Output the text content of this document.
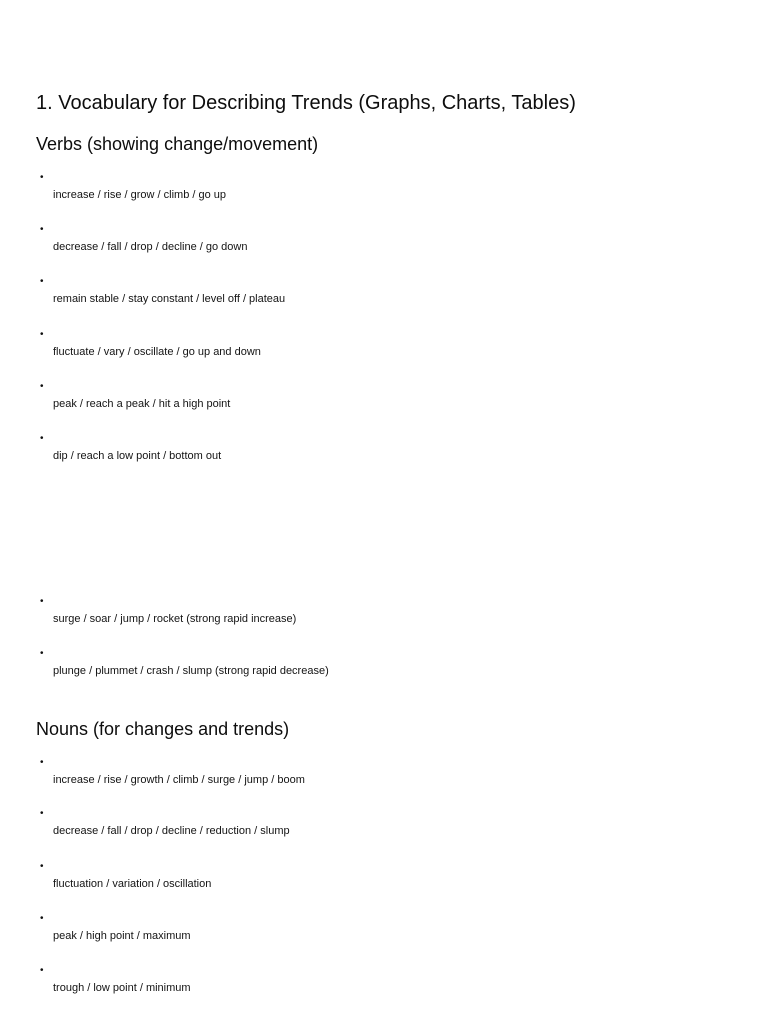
1. Vocabulary for Describing Trends (Graphs, Charts, Tables)
Verbs (showing change/movement)
•
increase / rise / grow / climb / go up
•
decrease / fall / drop / decline / go down
•
remain stable / stay constant / level off / plateau
•
fluctuate / vary / oscillate / go up and down
•
peak / reach a peak / hit a high point
•
dip / reach a low point / bottom out
•
surge / soar / jump / rocket (strong rapid increase)
•
plunge / plummet / crash / slump (strong rapid decrease)
Nouns (for changes and trends)
•
increase / rise / growth / climb / surge / jump / boom
•
decrease / fall / drop / decline / reduction / slump
•
fluctuation / variation / oscillation
•
peak / high point / maximum
•
trough / low point / minimum
